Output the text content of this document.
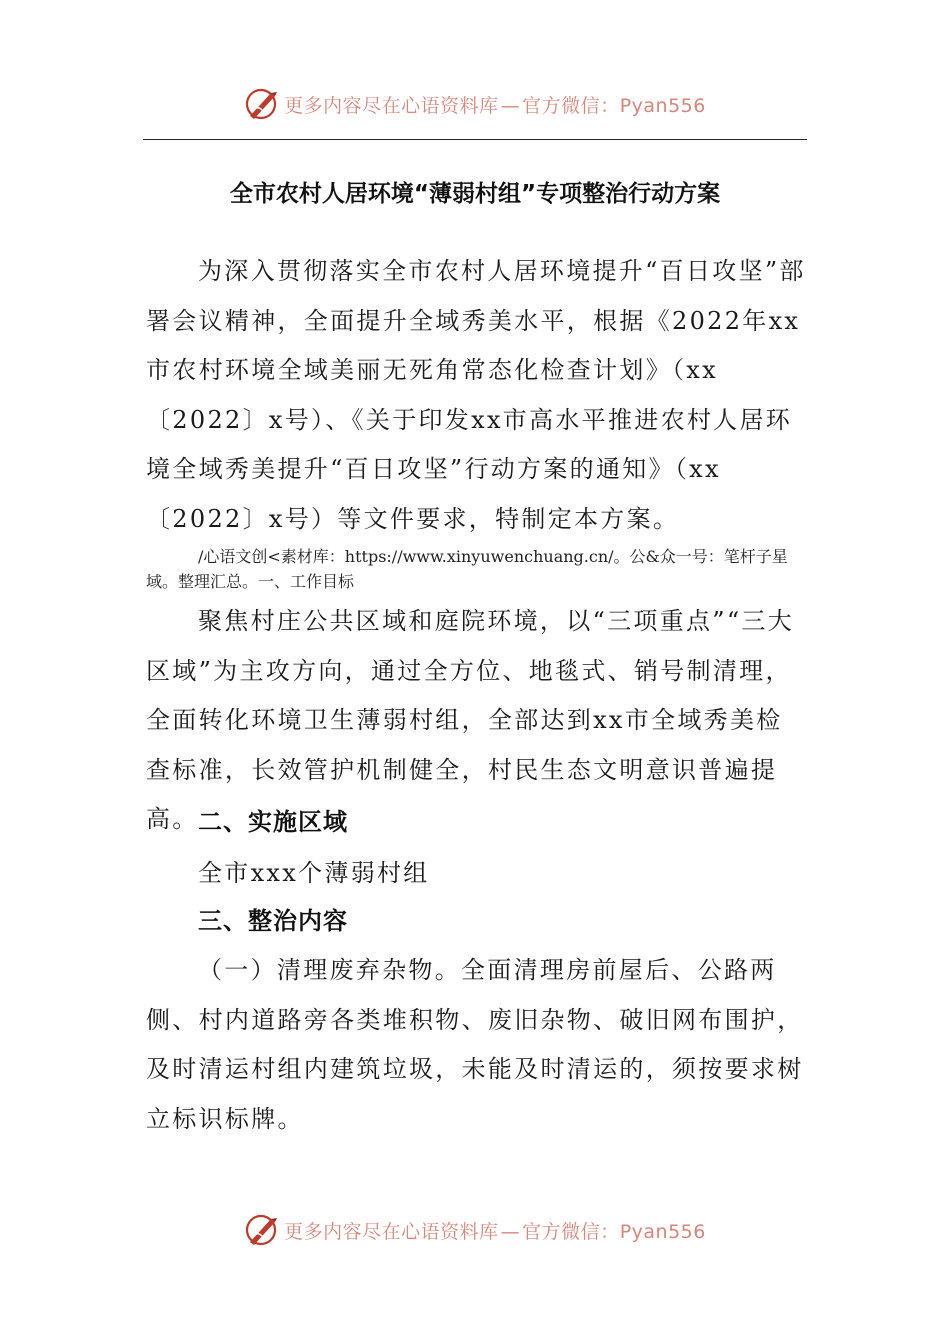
更多内容尽在心语资料库 — 官方微信：Pyan556
全市农村人居环境“薄弱村组”专项整治行动方案

为深入贯彻落实全市农村人居环境提升“百日攻坚”部署会议精神，全面提升全域秀美水平，根据《2022年xx市农村环境全域美丽无死角常态化检查计划》（xx〔2022〕x号）、《关于印发xx市高水平推进农村人居环境全域秀美提升“百日攻坚”行动方案的通知》（xx〔2022〕x号）等文件要求，特制定本方案。

/心语文创<素材库：https://www.xinyuwenchuang.cn/。公&众一号：笔杆子星域。整理汇总。一、工作目标

聚焦村庄公共区域和庭院环境，以“三项重点”“三大区域”为主攻方向，通过全方位、地毯式、销号制清理，全面转化环境卫生薄弱村组，全部达到xx市全域秀美检查标准，长效管护机制健全，村民生态文明意识普遍提高。 二、实施区域

全市xxx个薄弱村组

三、整治内容

（一）清理废弃杂物。全面清理房前屋后、公路两侧、村内道路旁各类堆积物、废旧杂物、破旧网布围护，及时清运村组内建筑垃圾，未能及时清运的，须按要求树立标识标牌。

更多内容尽在心语资料库 — 官方微信：Pyan556
